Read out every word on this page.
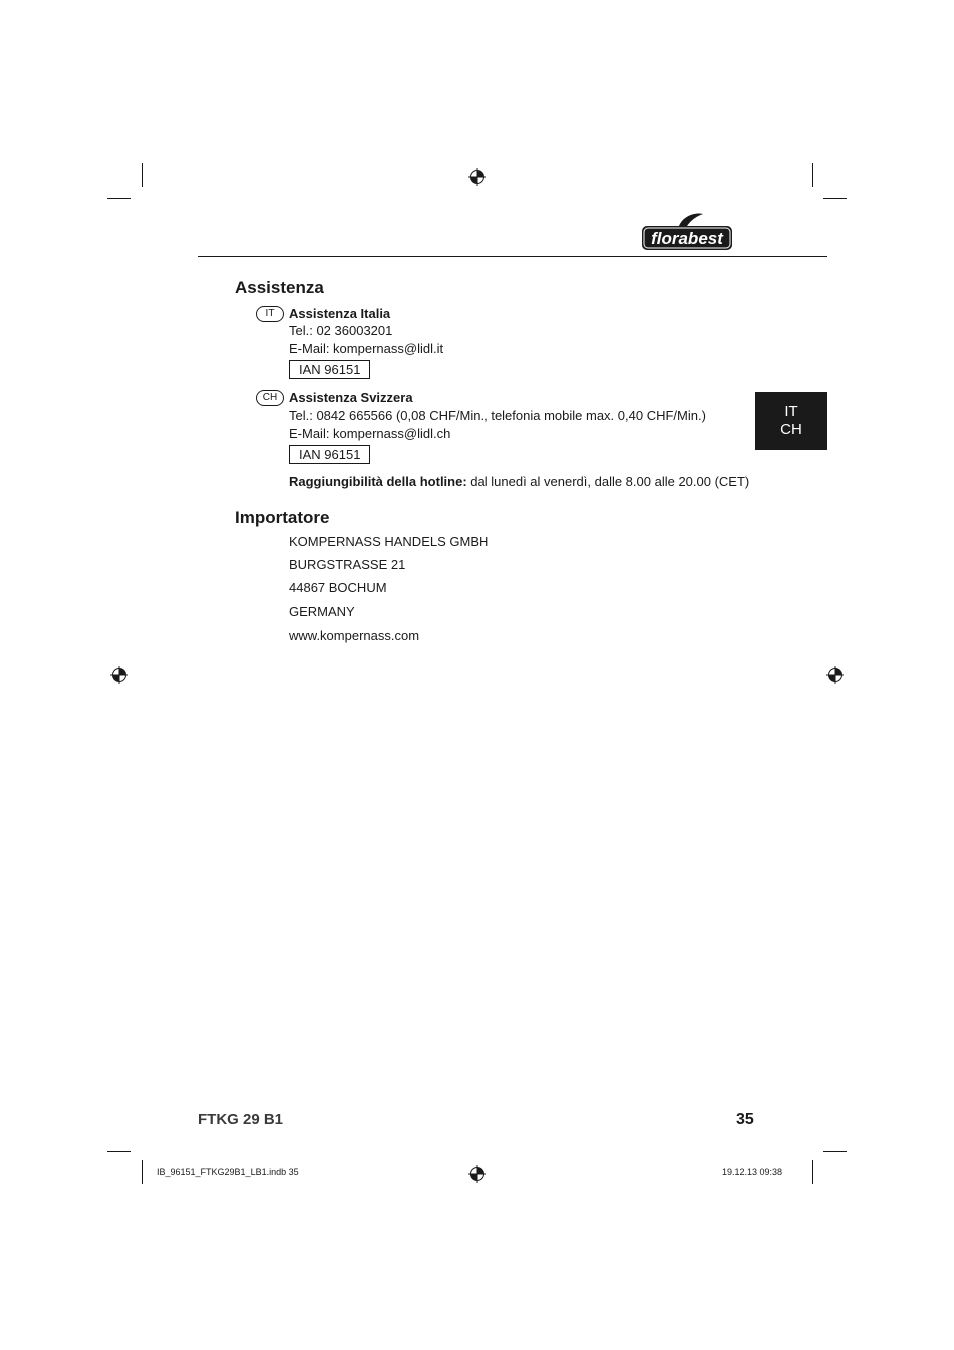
florabest
Assistenza
IT	Assistenza Italia
Tel.: 02 36003201
E-Mail: kompernass@lidl.it
IAN 96151
CH Assistenza Svizzera
Tel.: 0842 665566 (0,08 CHF/Min., telefonia mobile max. 0,40 CHF/Min.)
E-Mail: kompernass@lidl.ch
IAN 96151
Raggiungibilità della hotline: dal lunedì al venerdì, dalle 8.00 alle 20.00 (CET)
IT
CH
Importatore
KOMPERNASS HANDELS GMBH
BURGSTRASSE 21
44867 BOCHUM
GERMANY
www.kompernass.com
FTKG 29 B1	35
IB_96151_FTKG29B1_LB1.indb 35	19.12.13 09:38
